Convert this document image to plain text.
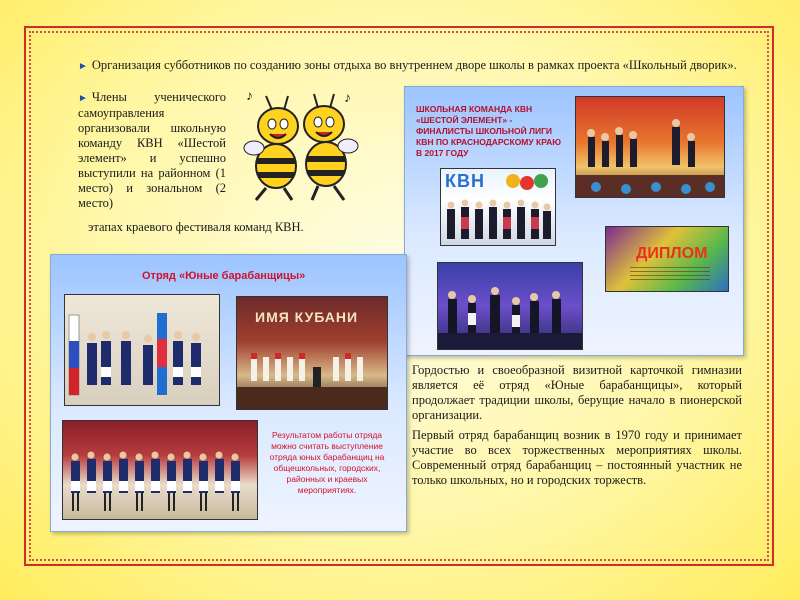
► Организация субботников по созданию зоны отдыха во внутреннем дворе школы в рамках проекта «Школьный дворик».
► Члены ученического самоуправления организовали школьную команду КВН «Шестой элемент» и успешно выступили на районном (1 место) и зональном (2 место)
этапах краевого фестиваля команд КВН.
♪	♪
ШКОЛЬНАЯ КОМАНДА КВН «ШЕСТОЙ ЭЛЕМЕНТ» - ФИНАЛИСТЫ ШКОЛЬНОЙ ЛИГИ КВН ПО КРАСНОДАРСКОМУ КРАЮ В 2017 ГОДУ
КВН
ДИПЛОМ
Отряд «Юные барабанщицы»
ИМЯ КУБАНИ
Результатом работы отряда можно считать выступление отряда юных барабанщиц на общешкольных, городских, районных и краевых мероприятиях.
Гордостью и своеобразной визитной карточкой гимназии является её отряд «Юные барабанщицы», который продолжает традиции школы, берущие начало в пионерской организации.
Первый отряд барабанщиц возник в 1970 году и принимает участие во всех торжественных мероприятиях школы. Современный отряд барабанщиц – постоянный участник не только школьных, но и городских торжеств.
